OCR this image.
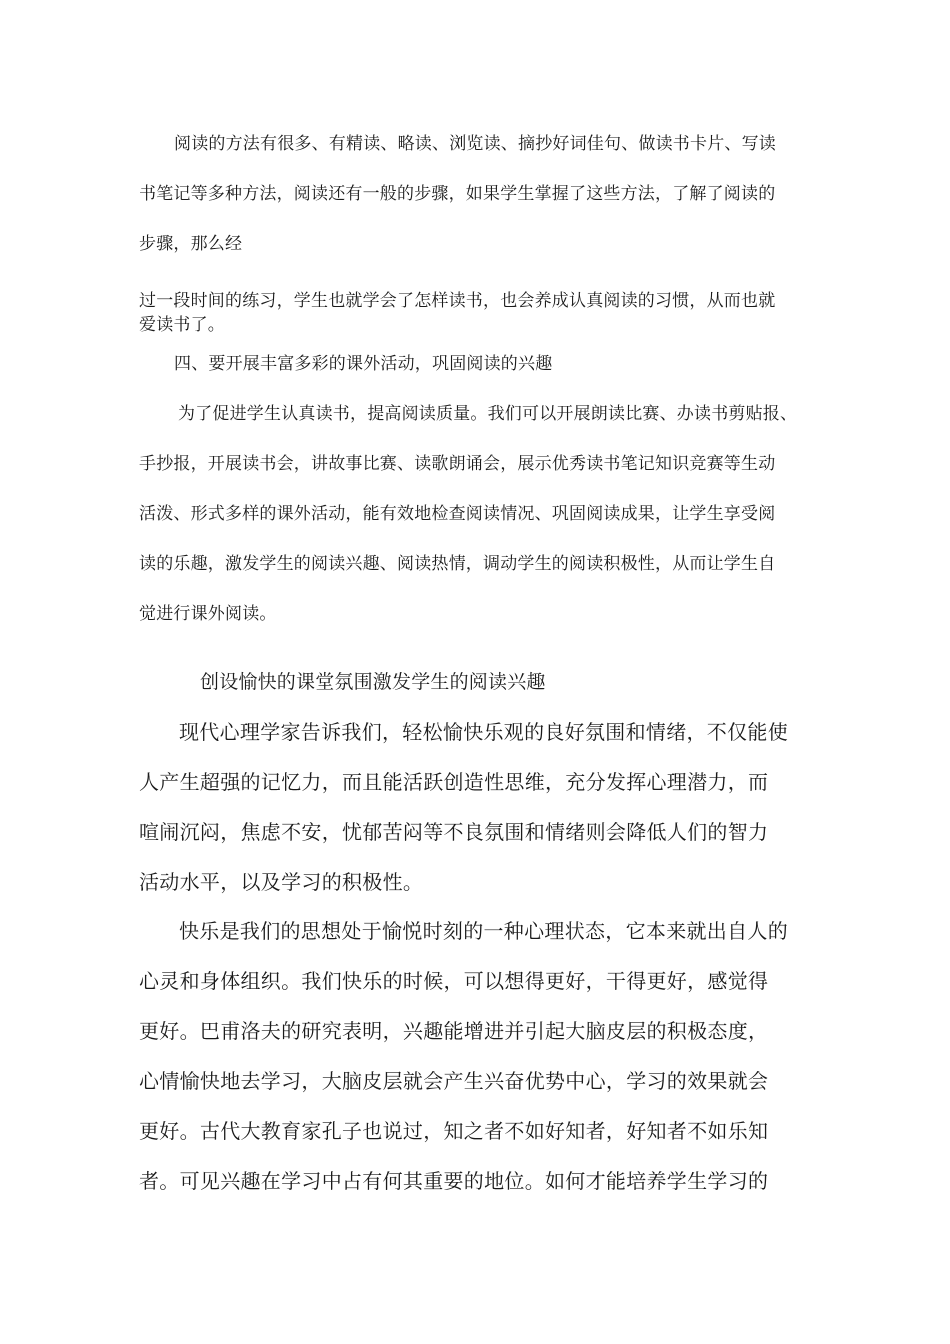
阅读的方法有很多、有精读、略读、浏览读、摘抄好词佳句、做读书卡片、写读
书笔记等多种方法，阅读还有一般的步骤，如果学生掌握了这些方法，了解了阅读的
步骤，那么经
过一段时间的练习，学生也就学会了怎样读书，也会养成认真阅读的习惯，从而也就
爱读书了。
四、要开展丰富多彩的课外活动，巩固阅读的兴趣
为了促进学生认真读书，提高阅读质量。我们可以开展朗读比赛、办读书剪贴报、
手抄报，开展读书会，讲故事比赛、读歌朗诵会，展示优秀读书笔记知识竞赛等生动
活泼、形式多样的课外活动，能有效地检查阅读情况、巩固阅读成果，让学生享受阅
读的乐趣，激发学生的阅读兴趣、阅读热情，调动学生的阅读积极性，从而让学生自
觉进行课外阅读。
创设愉快的课堂氛围激发学生的阅读兴趣
现代心理学家告诉我们，轻松愉快乐观的良好氛围和情绪，不仅能使
人产生超强的记忆力，而且能活跃创造性思维，充分发挥心理潜力，而
喧闹沉闷，焦虑不安，忧郁苦闷等不良氛围和情绪则会降低人们的智力
活动水平，以及学习的积极性。
快乐是我们的思想处于愉悦时刻的一种心理状态，它本来就出自人的
心灵和身体组织。我们快乐的时候，可以想得更好，干得更好，感觉得
更好。巴甫洛夫的研究表明，兴趣能增进并引起大脑皮层的积极态度，
心情愉快地去学习，大脑皮层就会产生兴奋优势中心，学习的效果就会
更好。古代大教育家孔子也说过，知之者不如好知者，好知者不如乐知
者。可见兴趣在学习中占有何其重要的地位。如何才能培养学生学习的
